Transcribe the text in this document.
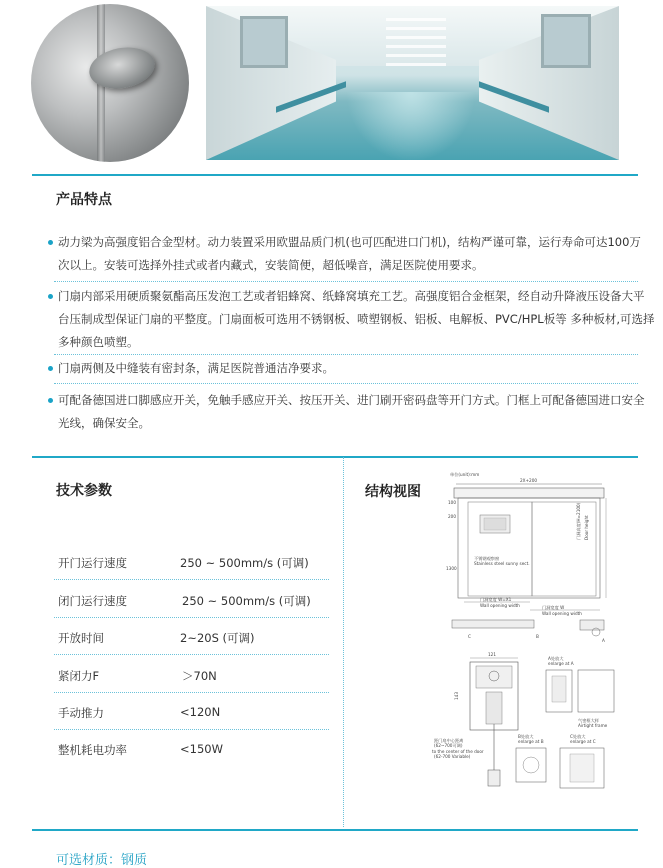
产品特点
动力梁为高强度铝合金型材。动力装置采用欧盟品质门机(也可匹配进口门机)，结构严谨可靠，运行寿命可达100万
次以上。安装可选择外挂式或者内藏式，安装简便，超低噪音，满足医院使用要求。
门扇内部采用硬质聚氨酯高压发泡工艺或者铝蜂窝、纸蜂窝填充工艺。高强度铝合金框架，经自动升降液压设备大平
台压制成型保证门扇的平整度。门扇面板可选用不锈钢板、喷塑钢板、铝板、电解板、PVC/HPL板等 多种板材,可选择
多种颜色喷塑。
门扇两侧及中缝装有密封条，满足医院普通洁净要求。
可配备德国进口脚感应开关，免触手感应开关、按压开关、进门刷开密码盘等开门方式。门框上可配备德国进口安全
光线，确保安全。
技术参数
开门运行速度	250 ~ 500mm/s (可调)
闭门运行速度	250 ~ 500mm/s (可调)
开放时间	2~20S (可调)
紧闭力F	＞70N
手动推力	<120N
整机耗电功率	<150W
结构视图
单位(unit):mm
2X+200
100
200
1300
不锈钢观察窗
Stainless steel sunny sect.
门洞高度(H=2100) Door height
门洞宽度 W=X1
Wall opening width	门洞宽度 W
Wall opening width
C	B
A
121
143
距门扇中心距离
(62~700可调)
to the center of the door
(62-700 Variable)
A处放大
enlarge at A
气密框大样
Airtight frame
B处放大
enlarge at B
C处放大
enlarge at C
可选材质：钢质
